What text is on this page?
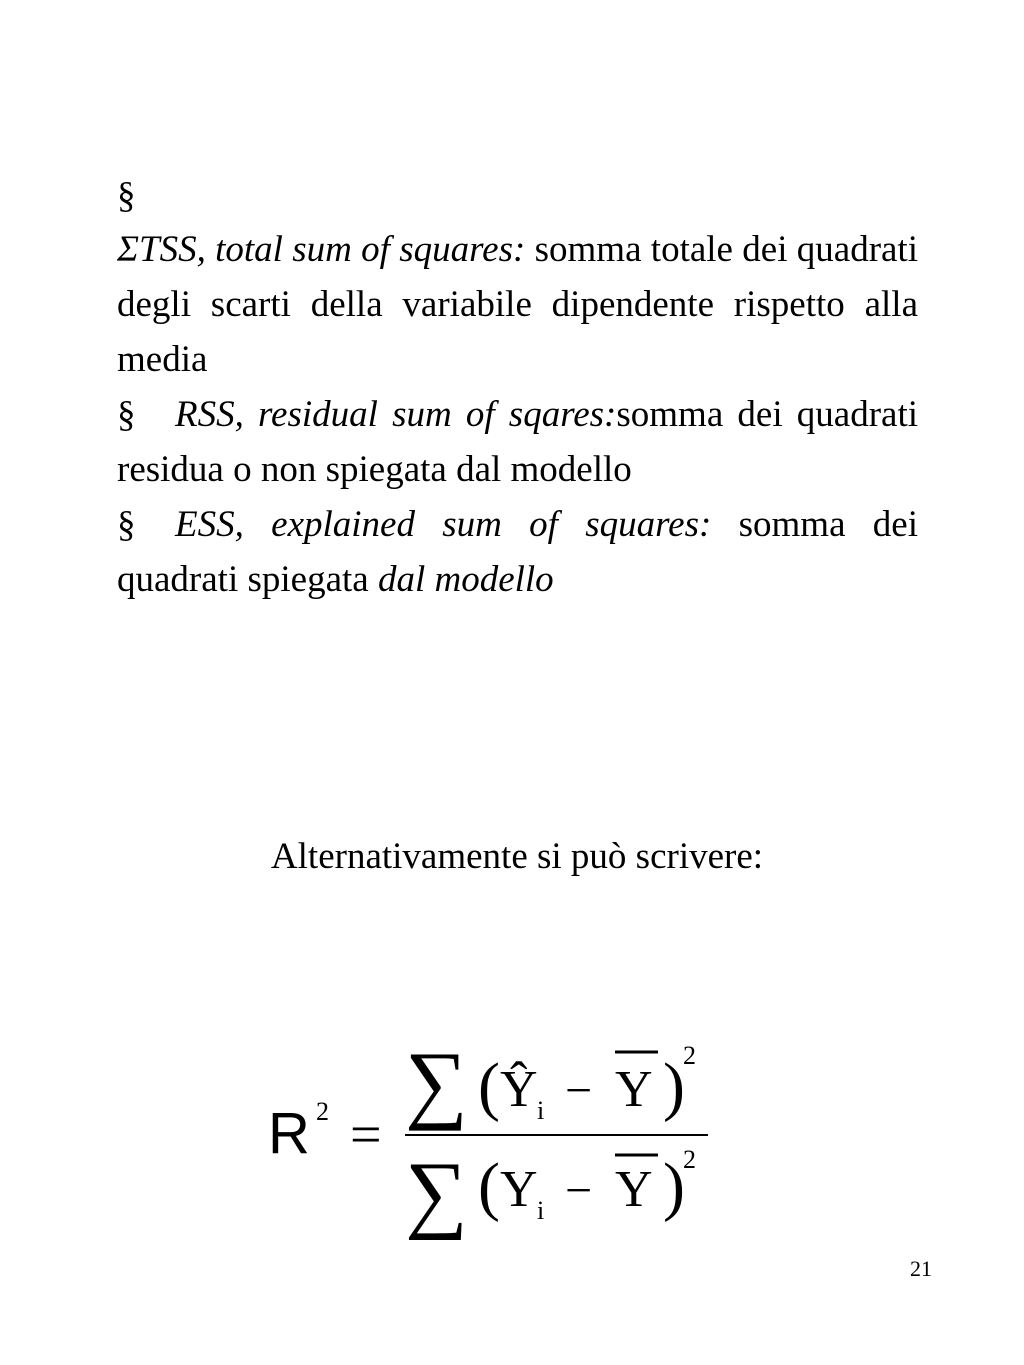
§

ΣTSS, total sum of squares: somma totale dei quadrati degli scarti della variabile dipendente rispetto alla media

§ RSS, residual sum of sqares:somma dei quadrati residua o non spiegata dal modello

§ ESS, explained sum of squares: somma dei quadrati spiegata dal modello

Alternativamente si può scrivere:
R 2 =
∑ ( Ŷ i − Y )
2
∑ ( Y i − Y )
2
21
